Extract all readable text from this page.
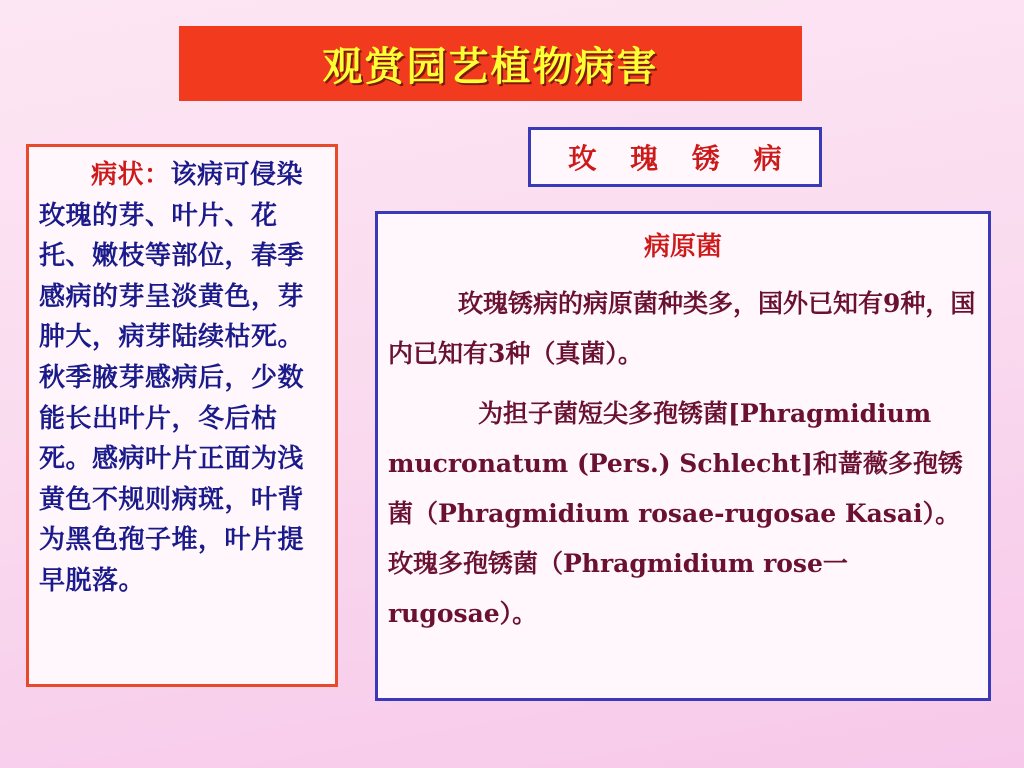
观赏园艺植物病害
玫 瑰 锈 病

病状：该病可侵染玫瑰的芽、叶片、花托、嫩枝等部位，春季感病的芽呈淡黄色，芽肿大，病芽陆续枯死。秋季腋芽感病后，少数能长出叶片，冬后枯死。感病叶片正面为浅黄色不规则病斑，叶背为黑色孢子堆，叶片提早脱落。

病原菌

玫瑰锈病的病原菌种类多，国外已知有9种，国内已知有3种（真菌）。

为担子菌短尖多孢锈菌[Phragmidium mucronatum (Pers.) Schlecht]和蔷薇多孢锈菌（Phragmidium rosae-rugosae Kasai）。玫瑰多孢锈菌（Phragmidium rose一 rugosae）。
